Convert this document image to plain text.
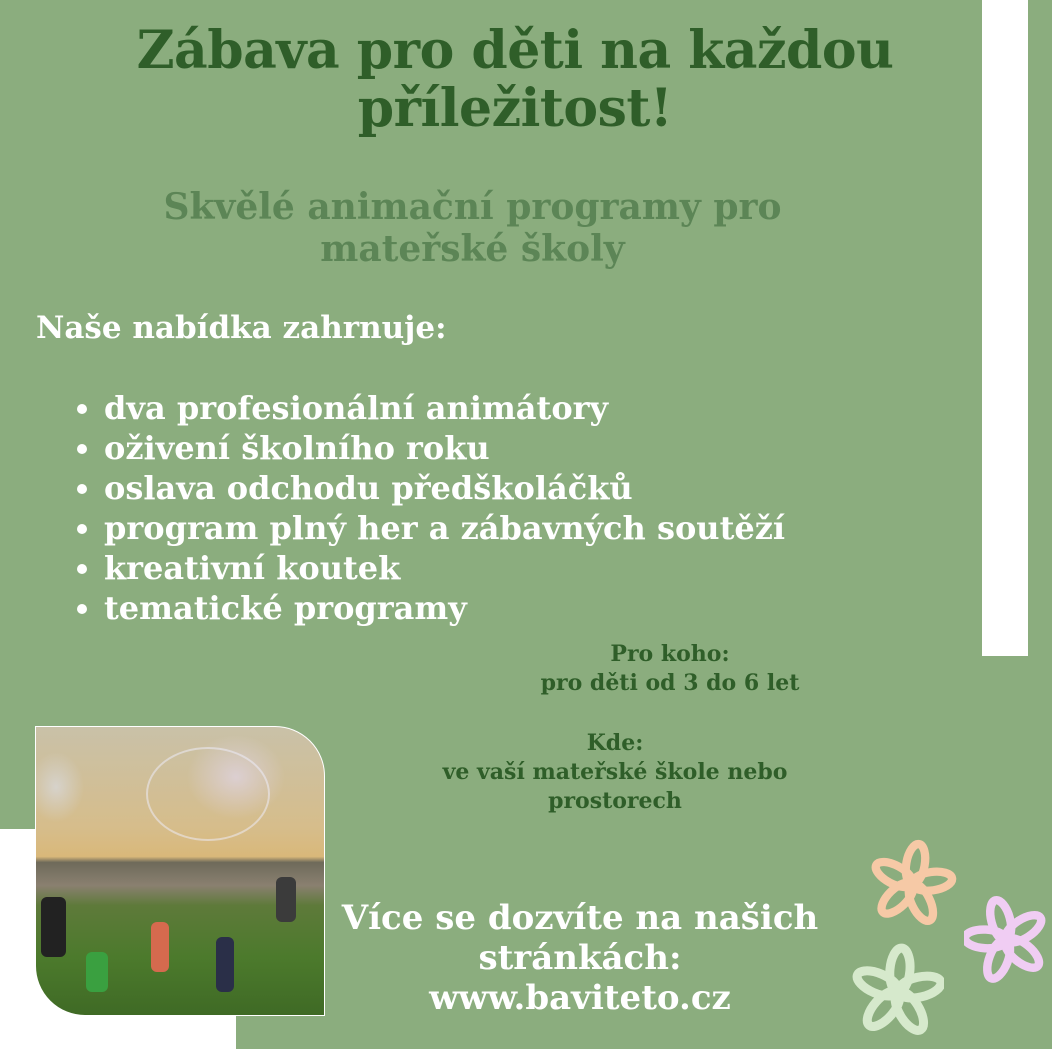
Zábava pro děti na každou příležitost!
Skvělé animační programy pro mateřské školy
Naše nabídka zahrnuje:
• dva profesionální animátory
• oživení školního roku
• oslava odchodu předškoláčků
• program plný her a zábavných soutěží
• kreativní koutek
• tematické programy
Pro koho:
pro děti od 3 do 6 let
Kde:
ve vaší mateřské škole nebo prostorech
Více se dozvíte na našich
stránkách:
www.baviteto.cz
